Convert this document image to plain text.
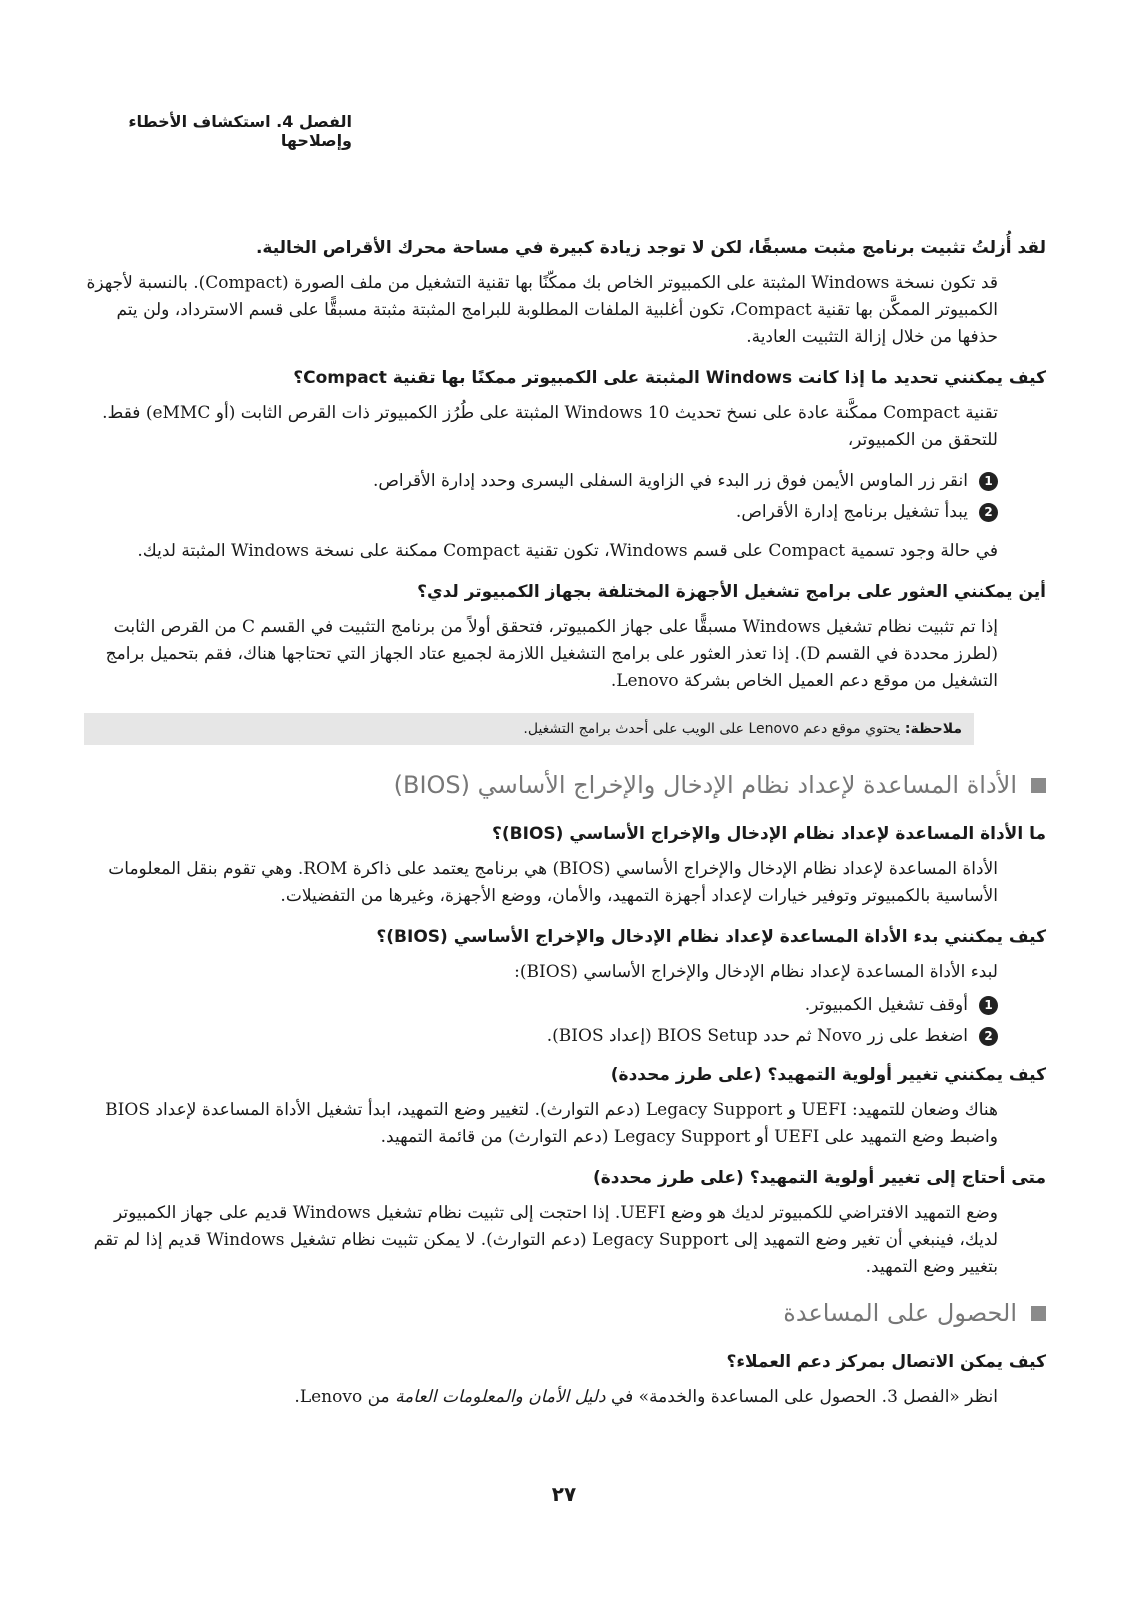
الفصل 4. استكشاف الأخطاء وإصلاحها
لقد أُزلتُ تثبيت برنامج مثبت مسبقًا، لكن لا توجد زيادة كبيرة في مساحة محرك الأقراص الخالية.

قد تكون نسخة Windows المثبتة على الكمبيوتر الخاص بك ممكّنًا بها تقنية التشغيل من ملف الصورة (Compact). بالنسبة لأجهزة الكمبيوتر الممكَّن بها تقنية Compact، تكون أغلبية الملفات المطلوبة للبرامج المثبتة مثبتة مسبقًّا على قسم الاسترداد، ولن يتم حذفها من خلال إزالة التثبيت العادية.

كيف يمكنني تحديد ما إذا كانت Windows المثبتة على الكمبيوتر ممكنًا بها تقنية Compact؟

تقنية Compact ممكَّنة عادة على نسخ تحديث Windows 10 المثبتة على طُرُز الكمبيوتر ذات القرص الثابت (أو eMMC) فقط. للتحقق من الكمبيوتر،

1
انقر زر الماوس الأيمن فوق زر البدء في الزاوية السفلى اليسرى وحدد إدارة الأقراص.
2
يبدأ تشغيل برنامج إدارة الأقراص.

في حالة وجود تسمية Compact على قسم Windows، تكون تقنية Compact ممكنة على نسخة Windows المثبتة لديك.

أين يمكنني العثور على برامج تشغيل الأجهزة المختلفة بجهاز الكمبيوتر لدي؟

إذا تم تثبيت نظام تشغيل Windows مسبقًّا على جهاز الكمبيوتر، فتحقق أولاً من برنامج التثبيت في القسم C من القرص الثابت (لطرز محددة في القسم D). إذا تعذر العثور على برامج التشغيل اللازمة لجميع عتاد الجهاز التي تحتاجها هناك، فقم بتحميل برامج التشغيل من موقع دعم العميل الخاص بشركة Lenovo.

ملاحظة: يحتوي موقع دعم Lenovo على الويب على أحدث برامج التشغيل.
الأداة المساعدة لإعداد نظام الإدخال والإخراج الأساسي (BIOS)
ما الأداة المساعدة لإعداد نظام الإدخال والإخراج الأساسي (BIOS)؟

الأداة المساعدة لإعداد نظام الإدخال والإخراج الأساسي (BIOS) هي برنامج يعتمد على ذاكرة ROM. وهي تقوم بنقل المعلومات الأساسية بالكمبيوتر وتوفير خيارات لإعداد أجهزة التمهيد، والأمان، ووضع الأجهزة، وغيرها من التفضيلات.

كيف يمكنني بدء الأداة المساعدة لإعداد نظام الإدخال والإخراج الأساسي (BIOS)؟

لبدء الأداة المساعدة لإعداد نظام الإدخال والإخراج الأساسي (BIOS):

1
أوقف تشغيل الكمبيوتر.
2
اضغط على زر Novo ثم حدد BIOS Setup (إعداد BIOS).
كيف يمكنني تغيير أولوية التمهيد؟ (على طرز محددة)

هناك وضعان للتمهيد: UEFI و Legacy Support (دعم التوارث). لتغيير وضع التمهيد، ابدأ تشغيل الأداة المساعدة لإعداد BIOS واضبط وضع التمهيد على UEFI أو Legacy Support (دعم التوارث) من قائمة التمهيد.

متى أحتاج إلى تغيير أولوية التمهيد؟ (على طرز محددة)

وضع التمهيد الافتراضي للكمبيوتر لديك هو وضع UEFI. إذا احتجت إلى تثبيت نظام تشغيل Windows قديم على جهاز الكمبيوتر لديك، فينبغي أن تغير وضع التمهيد إلى Legacy Support (دعم التوارث). لا يمكن تثبيت نظام تشغيل Windows قديم إذا لم تقم بتغيير وضع التمهيد.

الحصول على المساعدة
كيف يمكن الاتصال بمركز دعم العملاء؟

انظر «الفصل 3. الحصول على المساعدة والخدمة» في دليل الأمان والمعلومات العامة من Lenovo.

٢٧
